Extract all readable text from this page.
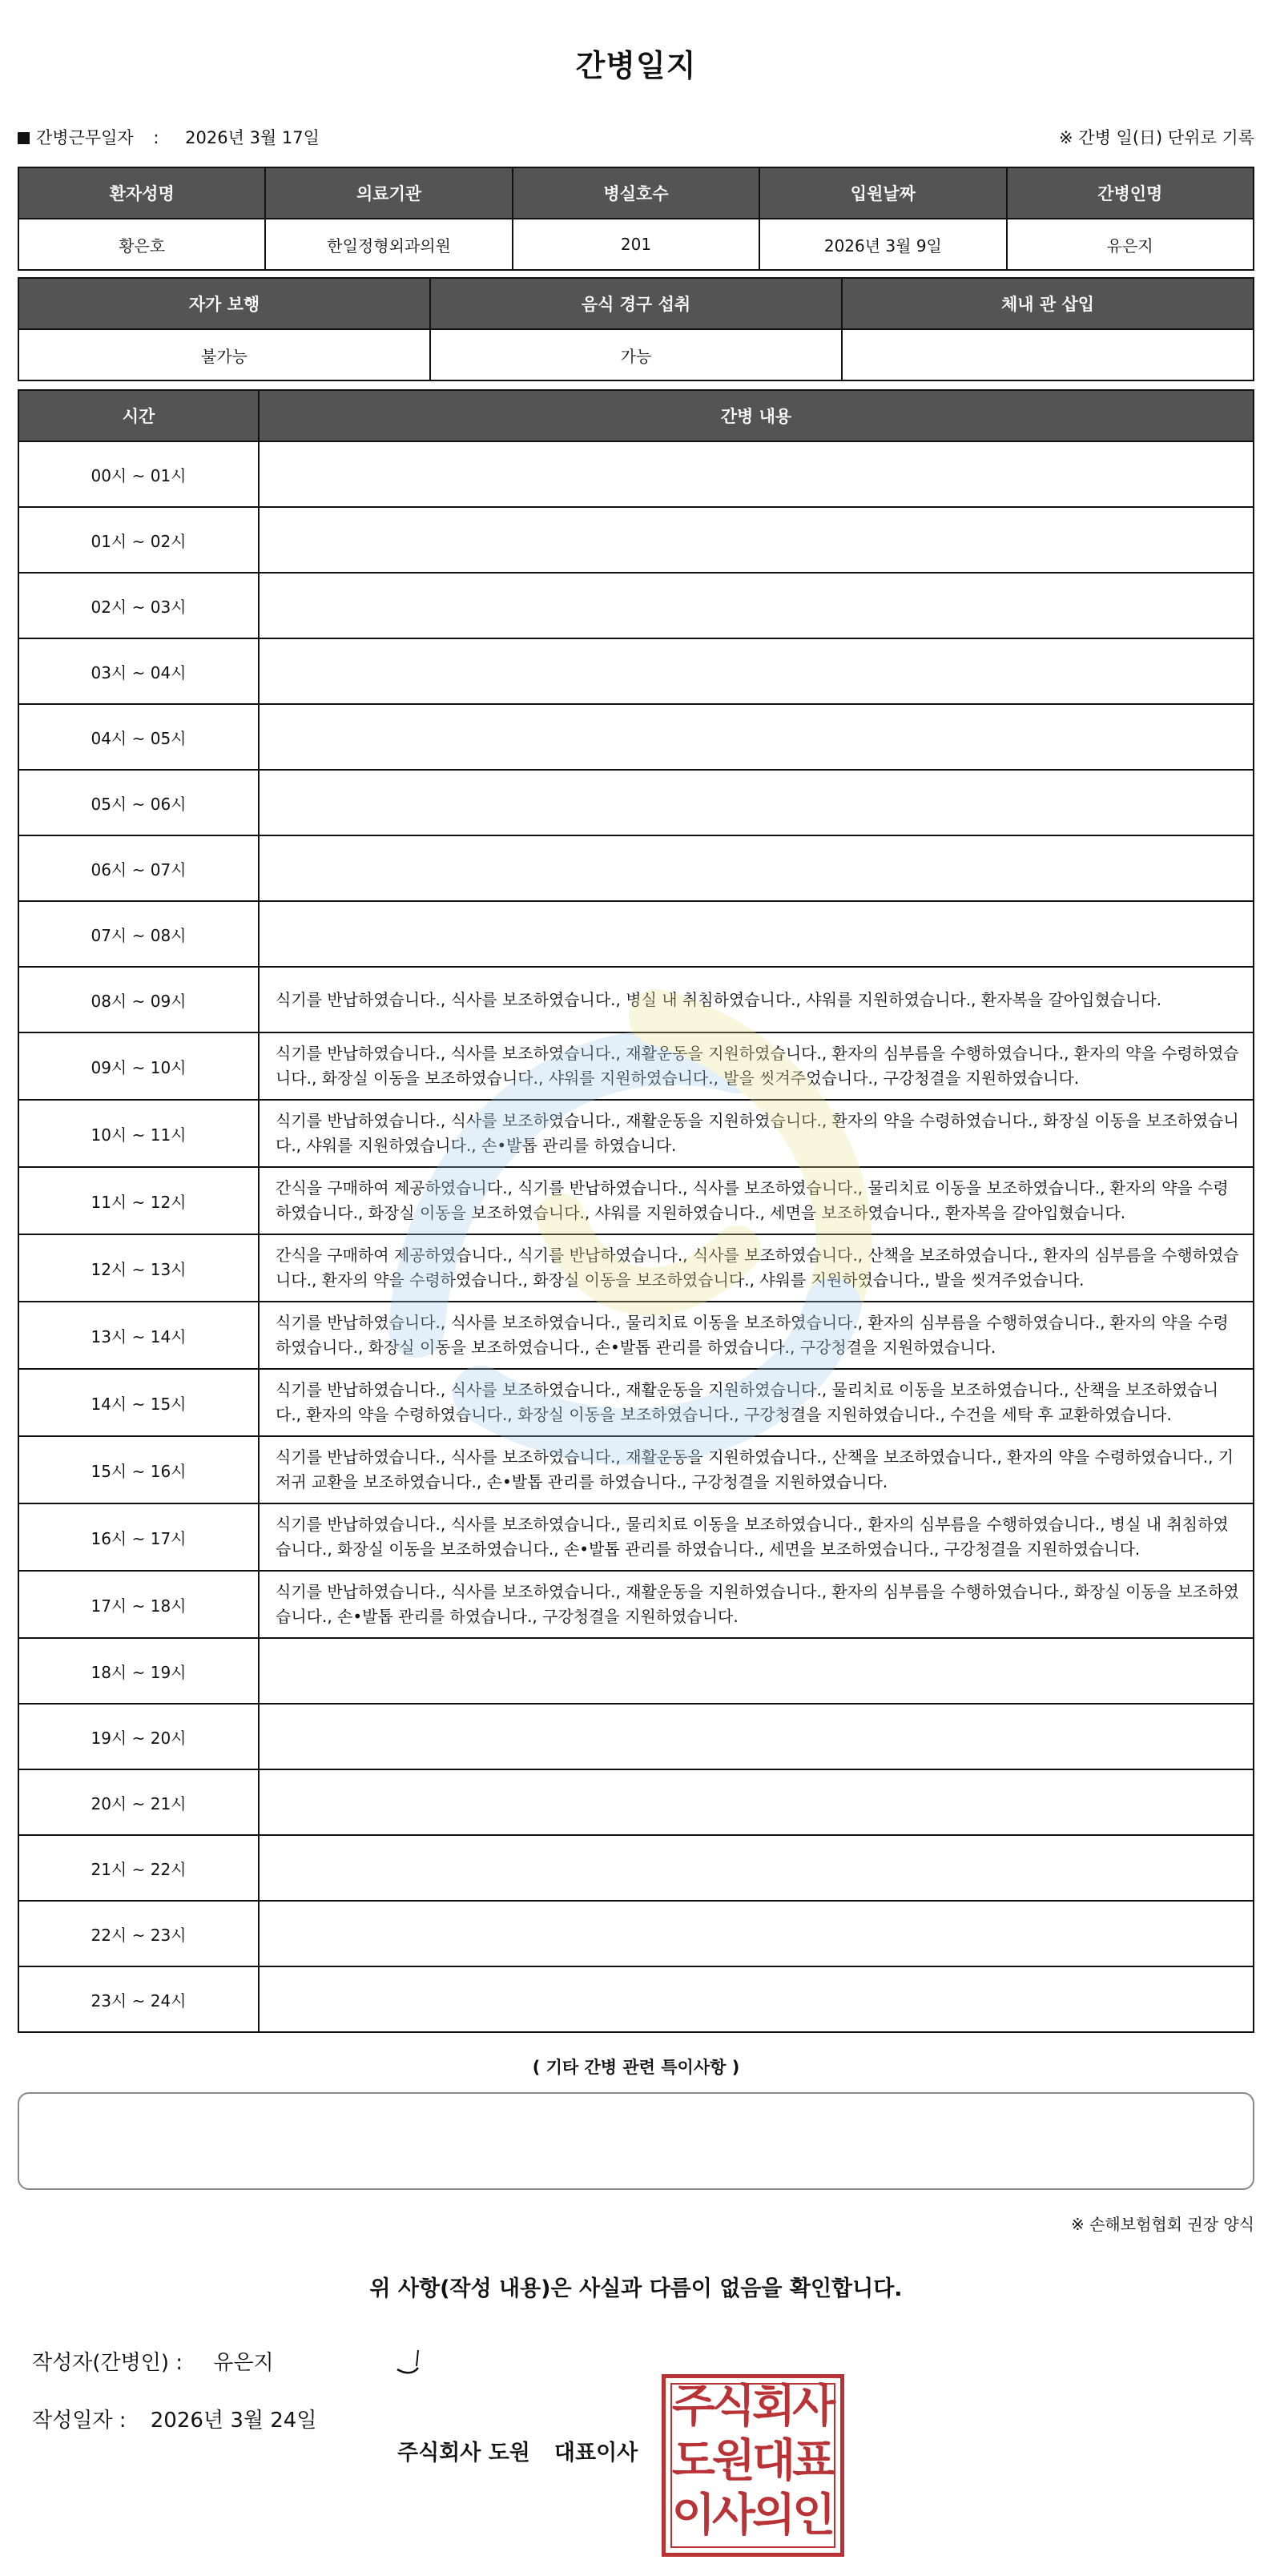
간병일지
간병근무일자 : 2026년 3월 17일	※ 간병 일(日) 단위로 기록
환자성명	의료기관	병실호수	입원날짜	간병인명
황은호	한일정형외과의원	201	2026년 3월 9일	유은지
자가 보행	음식 경구 섭취	체내 관 삽입
불가능	가능	
시간	간병 내용
00시 ~ 01시	
01시 ~ 02시	
02시 ~ 03시	
03시 ~ 04시	
04시 ~ 05시	
05시 ~ 06시	
06시 ~ 07시	
07시 ~ 08시	
08시 ~ 09시	식기를 반납하였습니다., 식사를 보조하였습니다., 병실 내 취침하였습니다., 샤워를 지원하였습니다., 환자복을 갈아입혔습니다.
09시 ~ 10시	식기를 반납하였습니다., 식사를 보조하였습니다., 재활운동을 지원하였습니다., 환자의 심부름을 수행하였습니다., 환자의 약을 수령하였습니다., 화장실 이동을 보조하였습니다., 샤워를 지원하였습니다., 발을 씻겨주었습니다., 구강청결을 지원하였습니다.
10시 ~ 11시	식기를 반납하였습니다., 식사를 보조하였습니다., 재활운동을 지원하였습니다., 환자의 약을 수령하였습니다., 화장실 이동을 보조하였습니다., 샤워를 지원하였습니다., 손•발톱 관리를 하였습니다.
11시 ~ 12시	간식을 구매하여 제공하였습니다., 식기를 반납하였습니다., 식사를 보조하였습니다., 물리치료 이동을 보조하였습니다., 환자의 약을 수령하였습니다., 화장실 이동을 보조하였습니다., 샤워를 지원하였습니다., 세면을 보조하였습니다., 환자복을 갈아입혔습니다.
12시 ~ 13시	간식을 구매하여 제공하였습니다., 식기를 반납하였습니다., 식사를 보조하였습니다., 산책을 보조하였습니다., 환자의 심부름을 수행하였습니다., 환자의 약을 수령하였습니다., 화장실 이동을 보조하였습니다., 샤워를 지원하였습니다., 발을 씻겨주었습니다.
13시 ~ 14시	식기를 반납하였습니다., 식사를 보조하였습니다., 물리치료 이동을 보조하였습니다., 환자의 심부름을 수행하였습니다., 환자의 약을 수령하였습니다., 화장실 이동을 보조하였습니다., 손•발톱 관리를 하였습니다., 구강청결을 지원하였습니다.
14시 ~ 15시	식기를 반납하였습니다., 식사를 보조하였습니다., 재활운동을 지원하였습니다., 물리치료 이동을 보조하였습니다., 산책을 보조하였습니다., 환자의 약을 수령하였습니다., 화장실 이동을 보조하였습니다., 구강청결을 지원하였습니다., 수건을 세탁 후 교환하였습니다.
15시 ~ 16시	식기를 반납하였습니다., 식사를 보조하였습니다., 재활운동을 지원하였습니다., 산책을 보조하였습니다., 환자의 약을 수령하였습니다., 기저귀 교환을 보조하였습니다., 손•발톱 관리를 하였습니다., 구강청결을 지원하였습니다.
16시 ~ 17시	식기를 반납하였습니다., 식사를 보조하였습니다., 물리치료 이동을 보조하였습니다., 환자의 심부름을 수행하였습니다., 병실 내 취침하였습니다., 화장실 이동을 보조하였습니다., 손•발톱 관리를 하였습니다., 세면을 보조하였습니다., 구강청결을 지원하였습니다.
17시 ~ 18시	식기를 반납하였습니다., 식사를 보조하였습니다., 재활운동을 지원하였습니다., 환자의 심부름을 수행하였습니다., 화장실 이동을 보조하였습니다., 손•발톱 관리를 하였습니다., 구강청결을 지원하였습니다.
18시 ~ 19시	
19시 ~ 20시	
20시 ~ 21시	
21시 ~ 22시	
22시 ~ 23시	
23시 ~ 24시	
( 기타 간병 관련 특이사항 )
※ 손해보험협회 권장 양식
위 사항(작성 내용)은 사실과 다름이 없음을 확인합니다.
작성자(간병인) : 유은지
작성일자 : 2026년 3월 24일
주식회사 도원 대표이사
주식회사
도원대표
이사의인
